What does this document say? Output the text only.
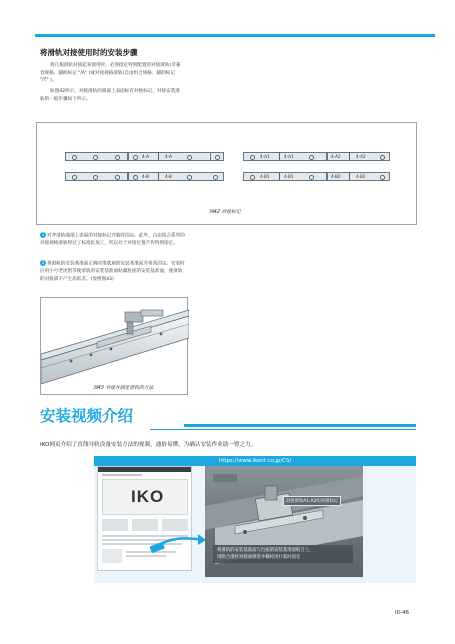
将滑轨对接使用时的安装步骤
将几根滑轨对接起来使用时，必须指定特别配置的对接滑轨(非兼
容规格、辅助标记 "/A" )或对接规格滑轨(自由组合规格、辅助标记
"/T" )。
如图42所示，对接滑轨的端部上表面标有对接标记，对接安装滑
轨的一般步骤如下所示。
4-A	4-A	4-A1	4-A1	4-A2	4-A2
4-B	4-B	4-B1	4-B1	4-B2	4-B2
图42 对接标记
1 对齐滑轨端部上表面的对接标记并临时固定。此外，自由组合系列的
对接规格滑轨经过了标准化加工，所以对于对接位置不作特别指定。
2 将滑轨的安装基准面正确对准底座的安装基准面并将其固定。安装时
应用小号老虎钳等使滑轨的安装基准面贴紧底座的安装基准面，使滑轨
的对接部不产生高低差。(参照图43)
图43 对接并固定滑轨的方法
安装视频介绍
IKO网页介绍了直线导轨设备安装方法的视频，通俗易懂。为确认安装作业助一臂之力。
https://www.ikont.co.jp/CS/
IKO	对接滑轨A1,A2的对接标记
将滑轨的安装基准面与台座的安装基准面贴合上，
用附合滑杆对接面推进并螺栓进行临时固定
III-46
